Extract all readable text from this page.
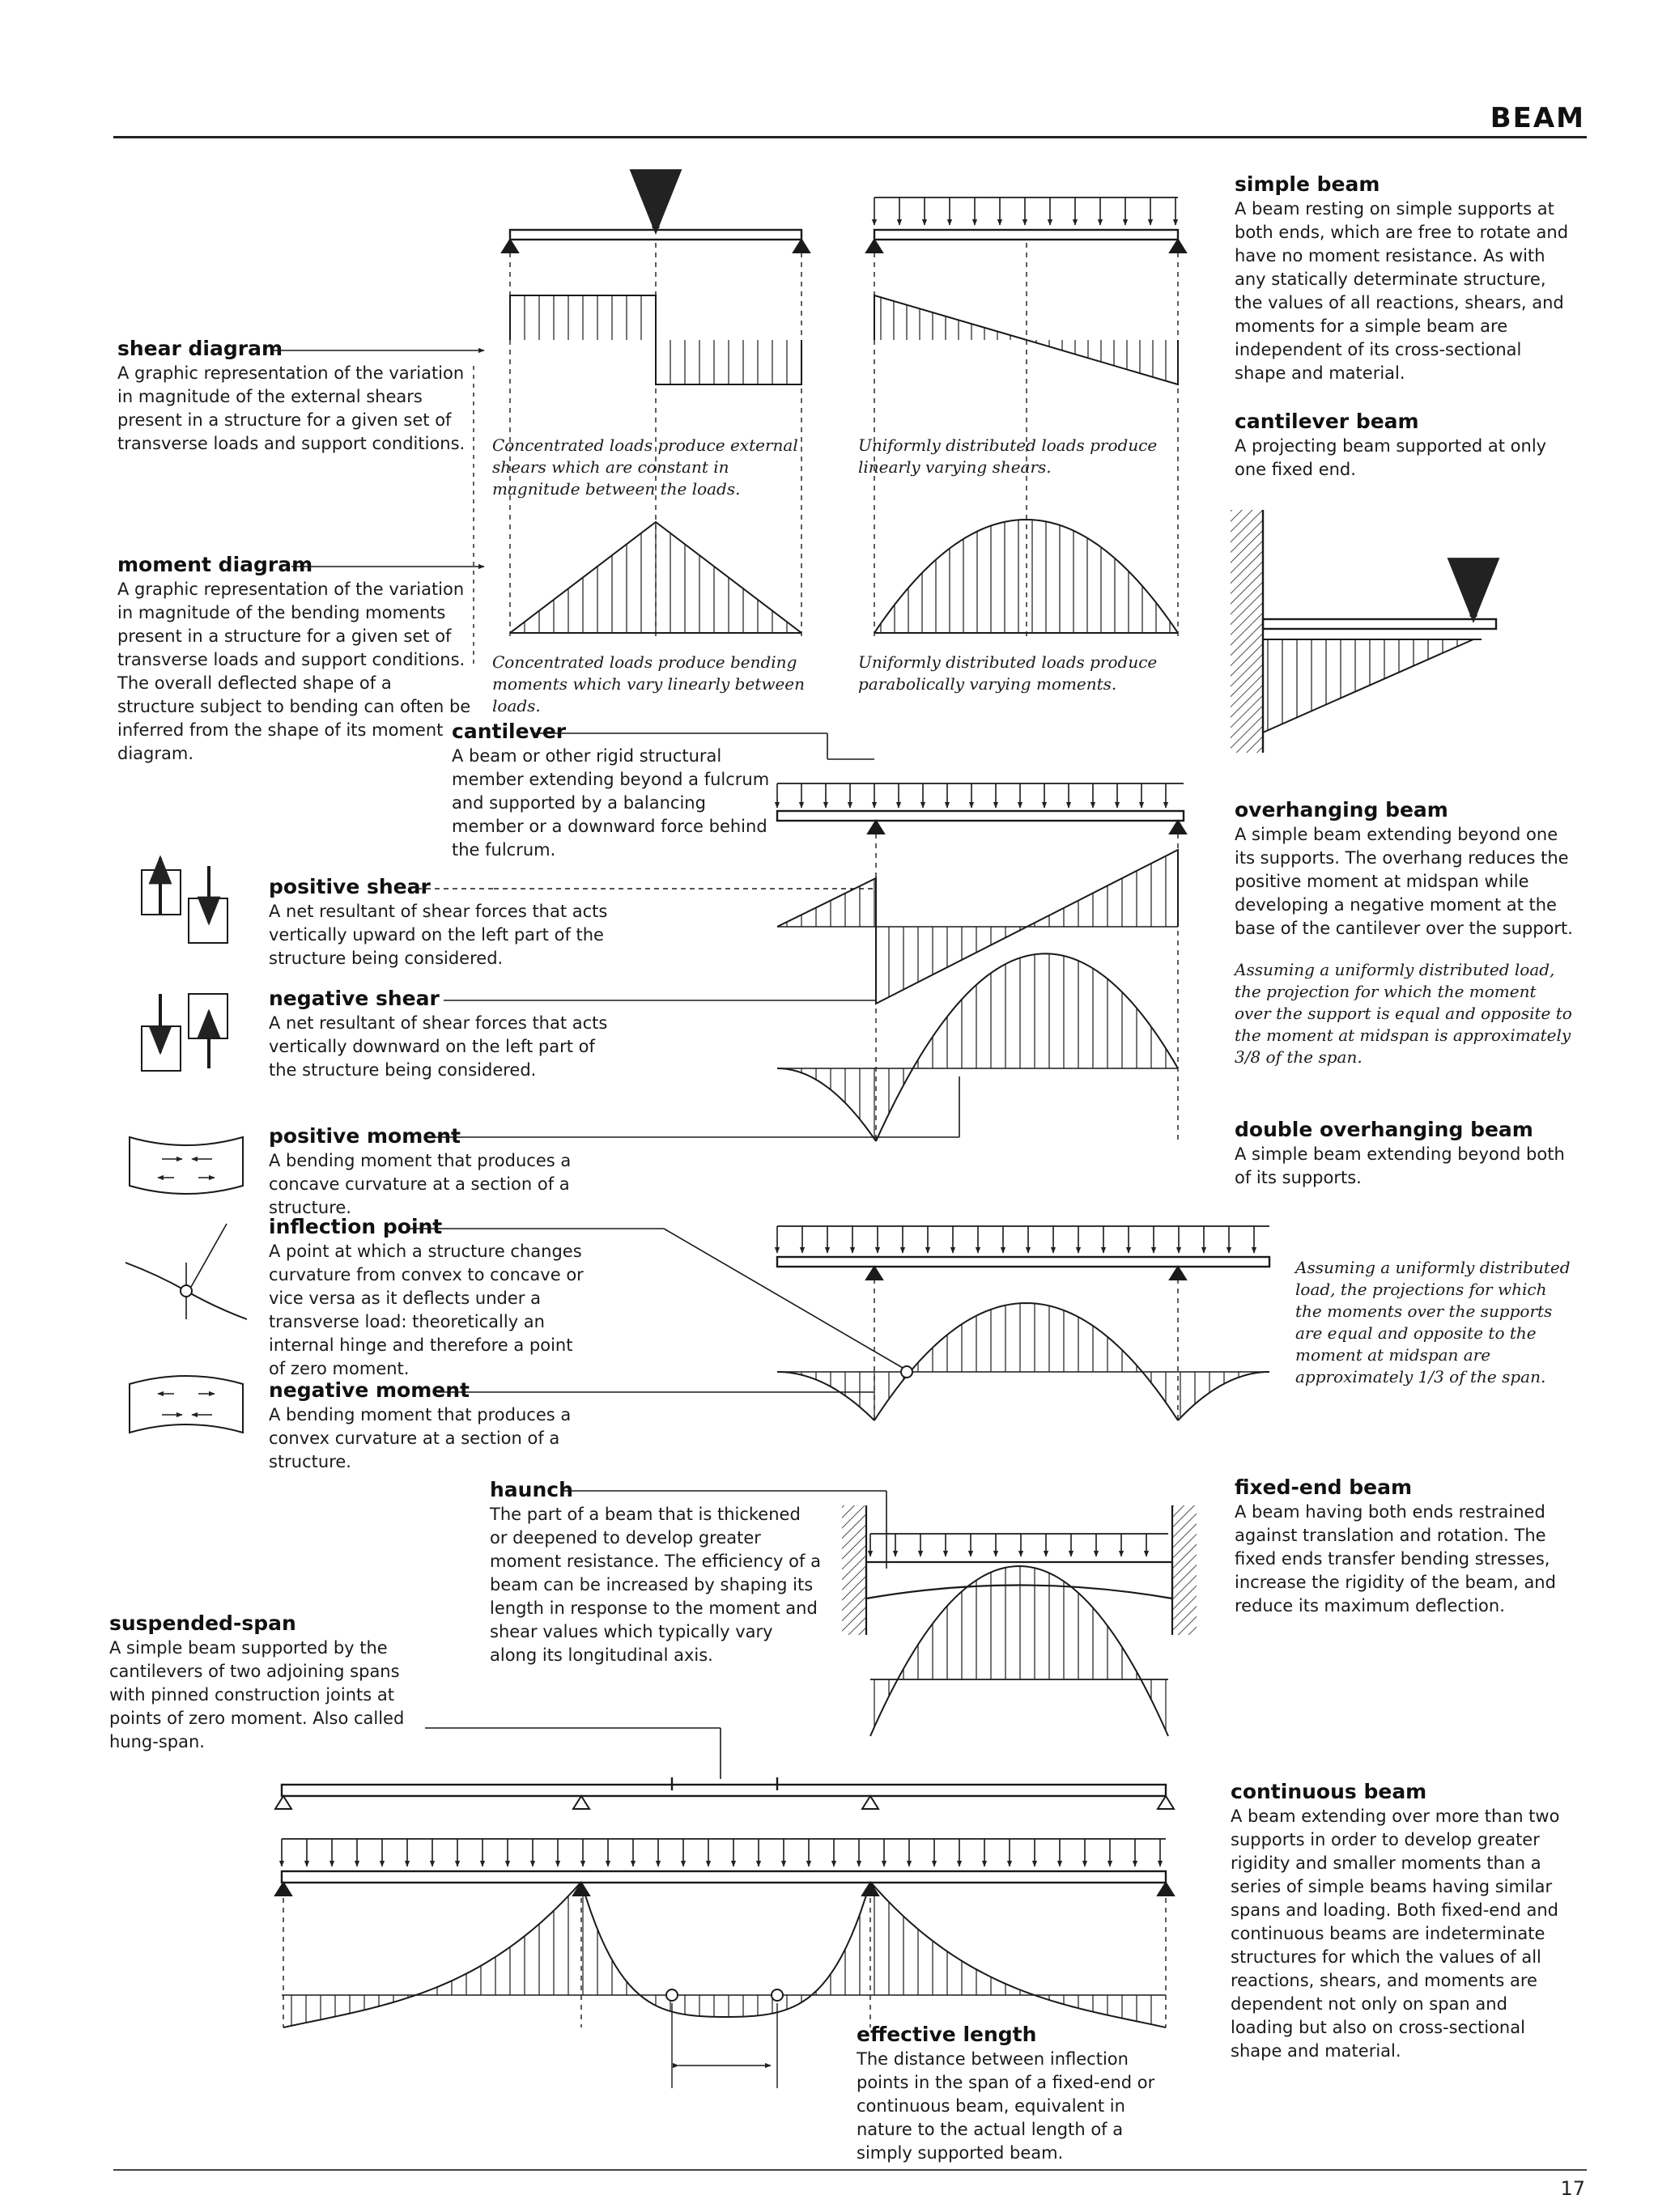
BEAM
simple beam
A beam resting on simple supports at both ends, which are free to rotate and have no moment resistance. As with any statically determinate structure, the values of all reactions, shears, and moments for a simple beam are independent of its cross-sectional shape and material.
cantilever beam
A projecting beam supported at only one fixed end.
shear diagram
A graphic representation of the variation in magnitude of the external shears present in a structure for a given set of transverse loads and support conditions.
moment diagram
A graphic representation of the variation in magnitude of the bending moments present in a structure for a given set of transverse loads and support conditions. The overall deflected shape of a structure subject to bending can often be inferred from the shape of its moment diagram.
Concentrated loads produce external shears which are constant in magnitude between the loads.
Uniformly distributed loads produce linearly varying shears.
Concentrated loads produce bending moments which vary linearly between loads.
Uniformly distributed loads produce parabolically varying moments.
cantilever
A beam or other rigid structural member extending beyond a fulcrum and supported by a balancing member or a downward force behind the fulcrum.
overhanging beam
A simple beam extending beyond one its supports. The overhang reduces the positive moment at midspan while developing a negative moment at the base of the cantilever over the support.
Assuming a uniformly distributed load, the projection for which the moment over the support is equal and opposite to the moment at midspan is approximately 3/8 of the span.
positive shear
A net resultant of shear forces that acts vertically upward on the left part of the structure being considered.
negative shear
A net resultant of shear forces that acts vertically downward on the left part of the structure being considered.
positive moment
A bending moment that produces a concave curvature at a section of a structure.
double overhanging beam
A simple beam extending beyond both of its supports.
inflection point
A point at which a structure changes curvature from convex to concave or vice versa as it deflects under a transverse load: theoretically an internal hinge and therefore a point of zero moment.
Assuming a uniformly distributed load, the projections for which the moments over the supports are equal and opposite to the moment at midspan are approximately 1/3 of the span.
negative moment
A bending moment that produces a convex curvature at a section of a structure.
haunch
The part of a beam that is thickened or deepened to develop greater moment resistance. The efficiency of a beam can be increased by shaping its length in response to the moment and shear values which typically vary along its longitudinal axis.
fixed-end beam
A beam having both ends restrained against translation and rotation. The fixed ends transfer bending stresses, increase the rigidity of the beam, and reduce its maximum deflection.
suspended-span
A simple beam supported by the cantilevers of two adjoining spans with pinned construction joints at points of zero moment. Also called hung-span.
continuous beam
A beam extending over more than two supports in order to develop greater rigidity and smaller moments than a series of simple beams having similar spans and loading. Both fixed-end and continuous beams are indeterminate structures for which the values of all reactions, shears, and moments are dependent not only on span and loading but also on cross-sectional shape and material.
effective length
The distance between inflection points in the span of a fixed-end or continuous beam, equivalent in nature to the actual length of a simply supported beam.
17
